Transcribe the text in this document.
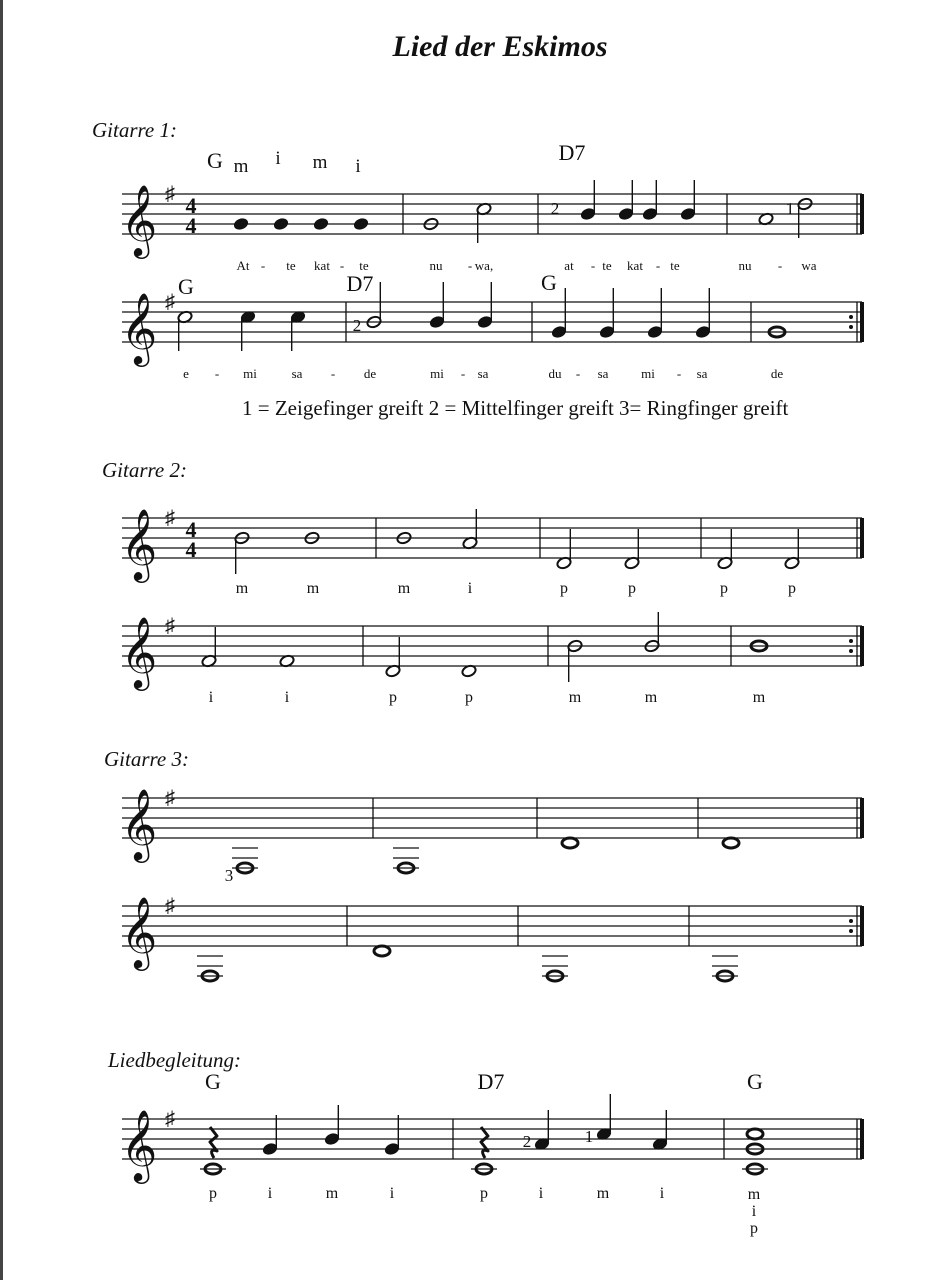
Lied der Eskimos
Gitarre 1:
Gitarre 2:
Gitarre 3:
Liedbegleitung:
1 = Zeigefinger greift 2 = Mittelfinger greift 3= Ringfinger greift
𝄞 ♯ 4
4
G	D7
m i m i
2	1
At - te kat - te	nu - wa,	at - te kat - te	nu - wa
𝄞 ♯
G	D7	G
2
e - mi	sa - de	mi - sa	du - sa	mi - sa	de
𝄞 ♯ 4
4
m	m	m	i	p	p	p	p
𝄞 ♯
i	i	p	p	m	m	m
𝄞 ♯
3
𝄞 ♯
𝄞 ♯
G	D7	G
2	1
p	i	m	i	p	i	m	i	m
i
p
